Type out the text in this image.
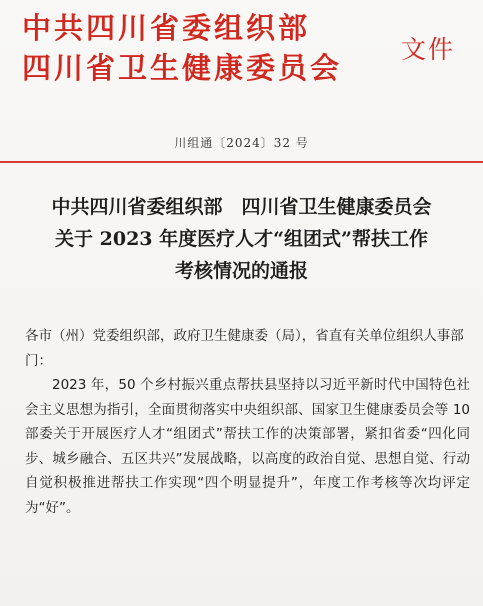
中共四川省委组织部
四川省卫生健康委员会
文件
川组通〔2024〕32 号
中共四川省委组织部　四川省卫生健康委员会
关于 2023 年度医疗人才“组团式”帮扶工作
考核情况的通报
各市（州）党委组织部，政府卫生健康委（局），省直有关单位组织人事部门：
2023 年，50 个乡村振兴重点帮扶县坚持以习近平新时代中国特色社会主义思想为指引，全面贯彻落实中央组织部、国家卫生健康委员会等 10 部委关于开展医疗人才“组团式”帮扶工作的决策部署，紧扣省委“四化同步、城乡融合、五区共兴”发展战略，以高度的政治自觉、思想自觉、行动自觉积极推进帮扶工作实现“四个明显提升”，年度工作考核等次均评定为“好”。
